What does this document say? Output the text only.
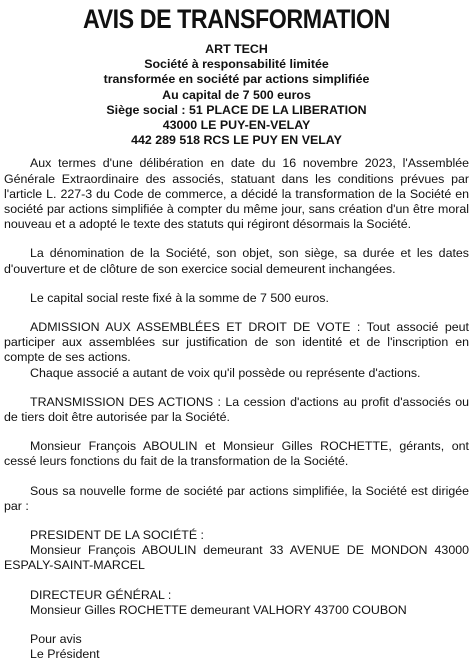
AVIS DE TRANSFORMATION
ART TECH
Société à responsabilité limitée
transformée en société par actions simplifiée
Au capital de 7 500 euros
Siège social : 51 PLACE DE LA LIBERATION
43000 LE PUY-EN-VELAY
442 289 518 RCS LE PUY EN VELAY

Aux termes d'une délibération en date du 16 novembre 2023, l'Assemblée Générale Extraordinaire des associés, statuant dans les conditions prévues par l'article L. 227-3 du Code de commerce, a décidé la transformation de la Société en société par actions simplifiée à compter du même jour, sans création d'un être moral nouveau et a adopté le texte des statuts qui régiront désormais la Société.

La dénomination de la Société, son objet, son siège, sa durée et les dates d'ouverture et de clôture de son exercice social demeurent inchangées.

Le capital social reste fixé à la somme de 7 500 euros.

ADMISSION AUX ASSEMBLÉES ET DROIT DE VOTE : Tout associé peut participer aux assemblées sur justification de son identité et de l'inscription en compte de ses actions.
Chaque associé a autant de voix qu'il possède ou représente d'actions.

TRANSMISSION DES ACTIONS : La cession d'actions au profit d'associés ou de tiers doit être autorisée par la Société.

Monsieur François ABOULIN et Monsieur Gilles ROCHETTE, gérants, ont cessé leurs fonctions du fait de la transformation de la Société.

Sous sa nouvelle forme de société par actions simplifiée, la Société est dirigée par :

PRESIDENT DE LA SOCIÉTÉ :
Monsieur François ABOULIN demeurant 33 AVENUE DE MONDON 43000 ESPALY-SAINT-MARCEL
DIRECTEUR GÉNÉRAL :
Monsieur Gilles ROCHETTE demeurant VALHORY 43700 COUBON
Pour avis
Le Président
